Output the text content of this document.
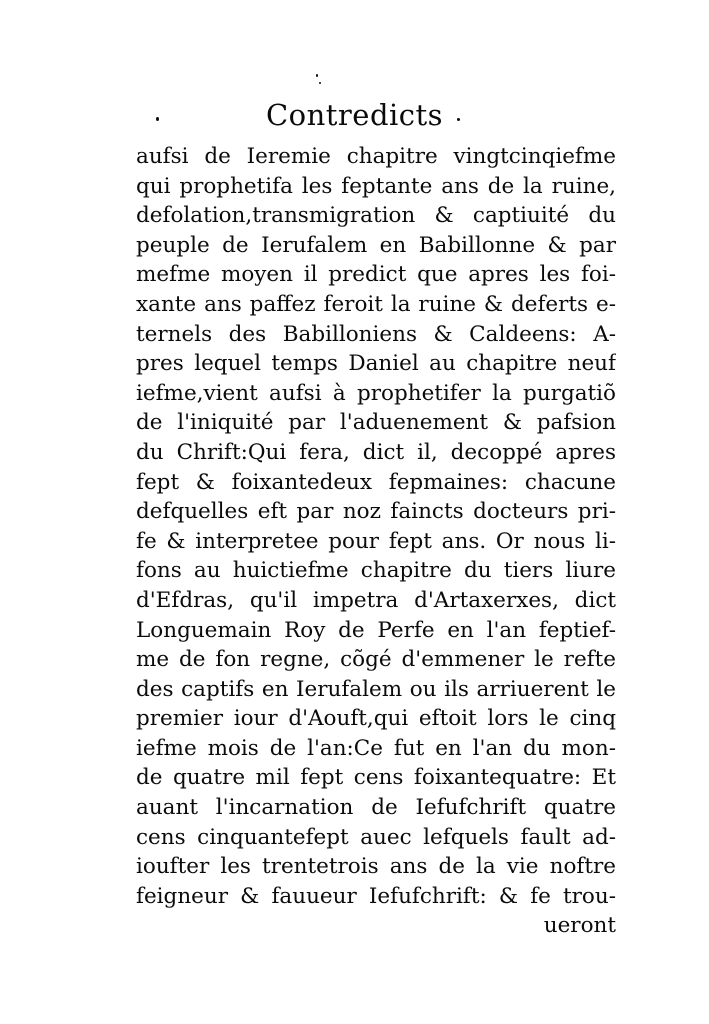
Contredicts
aufsi de Ieremie chapitre vingtcinqiefme
qui prophetifa les feptante ans de la ruine,
defolation,transmigration & captiuité du
peuple de Ierufalem en Babillonne & par
mefme moyen il predict que apres les foi-
xante ans paffez feroit la ruine & deferts e-
ternels des Babilloniens & Caldeens: A-
pres lequel temps Daniel au chapitre neuf
iefme,vient aufsi à prophetifer la purgatiõ
de l'iniquité par l'aduenement & pafsion
du Chrift:Qui fera, dict il, decoppé apres
fept & foixantedeux fepmaines: chacune
defquelles eft par noz faincts docteurs pri-
fe & interpretee pour fept ans. Or nous li-
fons au huictiefme chapitre du tiers liure
d'Efdras, qu'il impetra d'Artaxerxes, dict
Longuemain Roy de Perfe en l'an feptief-
me de fon regne, cõgé d'emmener le refte
des captifs en Ierufalem ou ils arriuerent le
premier iour d'Aouft,qui eftoit lors le cinq
iefme mois de l'an:Ce fut en l'an du mon-
de quatre mil fept cens foixantequatre: Et
auant l'incarnation de Iefufchrift quatre
cens cinquantefept auec lefquels fault ad-
ioufter les trentetrois ans de la vie noftre
feigneur & fauueur Iefufchrift: & fe trou-
ueront
